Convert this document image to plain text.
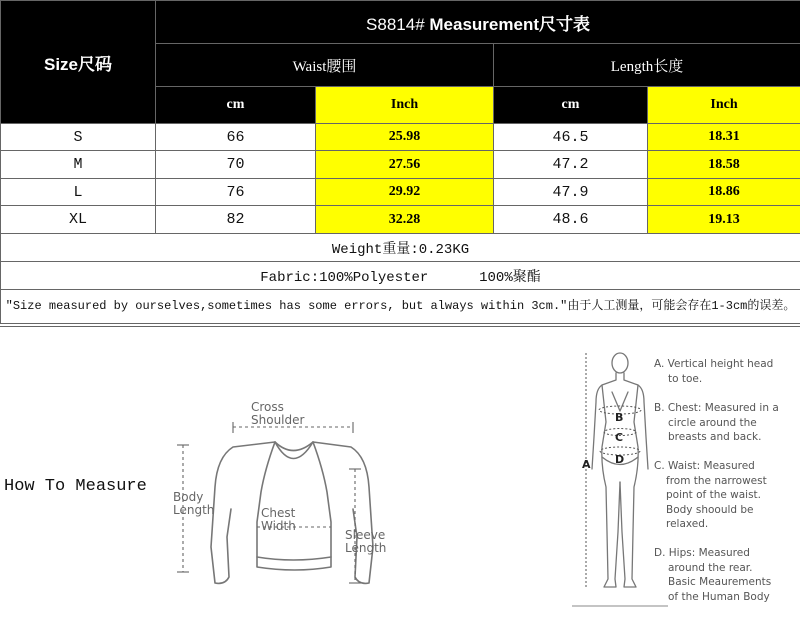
Size尺码	S8814# Measurement尺寸表			
	Waist腰围		Length长度	
	cm	Inch	cm	Inch
S	66	25.98	46.5	18.31
M	70	27.56	47.2	18.58
L	76	29.92	47.9	18.86
XL	82	32.28	48.6	19.13
Weight重量:0.23KG				
Fabric:100%Polyester 100%聚酯				
"Size measured by ourselves,sometimes has some errors, but always within 3cm."由于人工测量，可能会存在1-3cm的误差。				
How To Measure
Cross
Shoulder
Body
Length	Chest
Width
Sleeve
Length
A
B
C
D
A. Vertical height head
to toe.
B. Chest: Measured in a
circle around the
breasts and back.
C. Waist: Measured
from the narrowest
point of the waist.
Body shoould be
relaxed.
D. Hips: Measured
around the rear.
Basic Meaurements
of the Human Body
